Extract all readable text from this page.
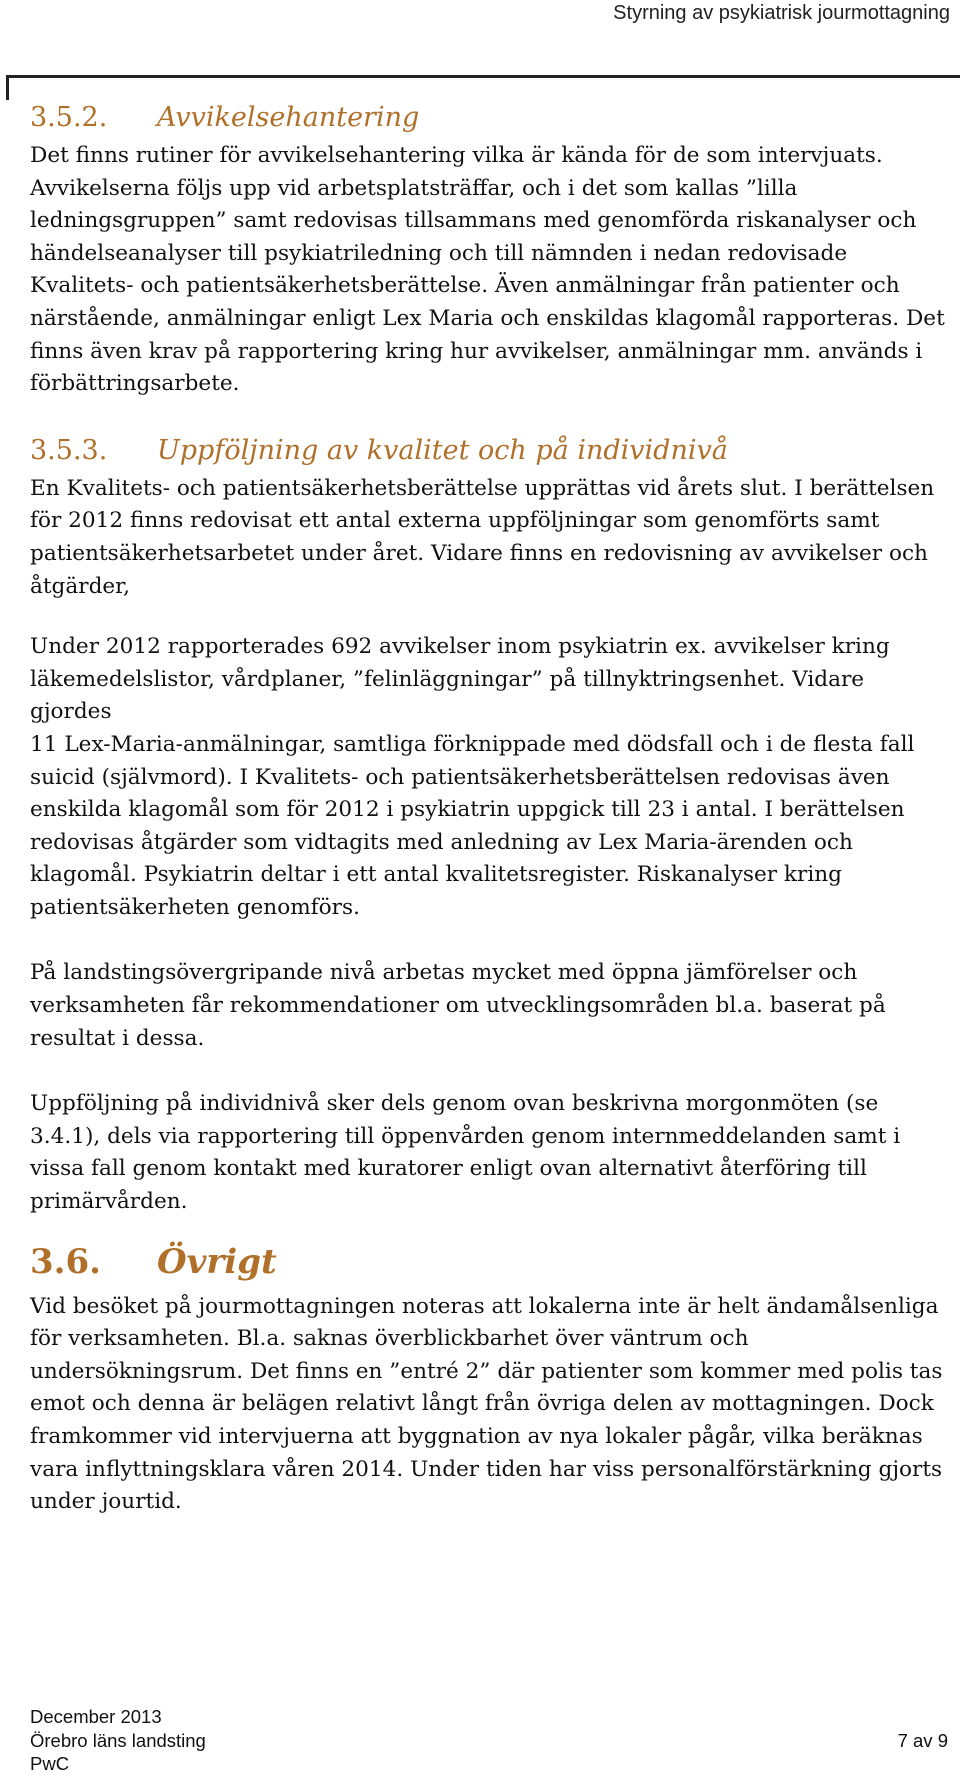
Styrning av psykiatrisk jourmottagning
3.5.2. Avvikelsehantering

Det finns rutiner för avvikelsehantering vilka är kända för de som intervjuats.
Avvikelserna följs upp vid arbetsplatsträffar, och i det som kallas ”lilla
ledningsgruppen” samt redovisas tillsammans med genomförda riskanalyser och
händelseanalyser till psykiatriledning och till nämnden i nedan redovisade
Kvalitets- och patientsäkerhetsberättelse. Även anmälningar från patienter och
närstående, anmälningar enligt Lex Maria och enskildas klagomål rapporteras. Det
finns även krav på rapportering kring hur avvikelser, anmälningar mm. används i
förbättringsarbete.

3.5.3. Uppföljning av kvalitet och på individnivå

En Kvalitets- och patientsäkerhetsberättelse upprättas vid årets slut. I berättelsen
för 2012 finns redovisat ett antal externa uppföljningar som genomförts samt
patientsäkerhetsarbetet under året. Vidare finns en redovisning av avvikelser och
åtgärder,

Under 2012 rapporterades 692 avvikelser inom psykiatrin ex. avvikelser kring
läkemedelslistor, vårdplaner, ”felinläggningar” på tillnyktringsenhet. Vidare gjordes
11 Lex-Maria-anmälningar, samtliga förknippade med dödsfall och i de flesta fall
suicid (självmord). I Kvalitets- och patientsäkerhetsberättelsen redovisas även
enskilda klagomål som för 2012 i psykiatrin uppgick till 23 i antal. I berättelsen
redovisas åtgärder som vidtagits med anledning av Lex Maria-ärenden och
klagomål. Psykiatrin deltar i ett antal kvalitetsregister. Riskanalyser kring
patientsäkerheten genomförs.

På landstingsövergripande nivå arbetas mycket med öppna jämförelser och
verksamheten får rekommendationer om utvecklingsområden bl.a. baserat på
resultat i dessa.

Uppföljning på individnivå sker dels genom ovan beskrivna morgonmöten (se
3.4.1), dels via rapportering till öppenvården genom internmeddelanden samt i
vissa fall genom kontakt med kuratorer enligt ovan alternativt återföring till
primärvården.

3.6. Övrigt

Vid besöket på jourmottagningen noteras att lokalerna inte är helt ändamålsenliga
för verksamheten. Bl.a. saknas överblickbarhet över väntrum och
undersökningsrum. Det finns en ”entré 2” där patienter som kommer med polis tas
emot och denna är belägen relativt långt från övriga delen av mottagningen. Dock
framkommer vid intervjuerna att byggnation av nya lokaler pågår, vilka beräknas
vara inflyttningsklara våren 2014. Under tiden har viss personalförstärkning gjorts
under jourtid.

December 2013
Örebro läns landsting
PwC
7 av 9
